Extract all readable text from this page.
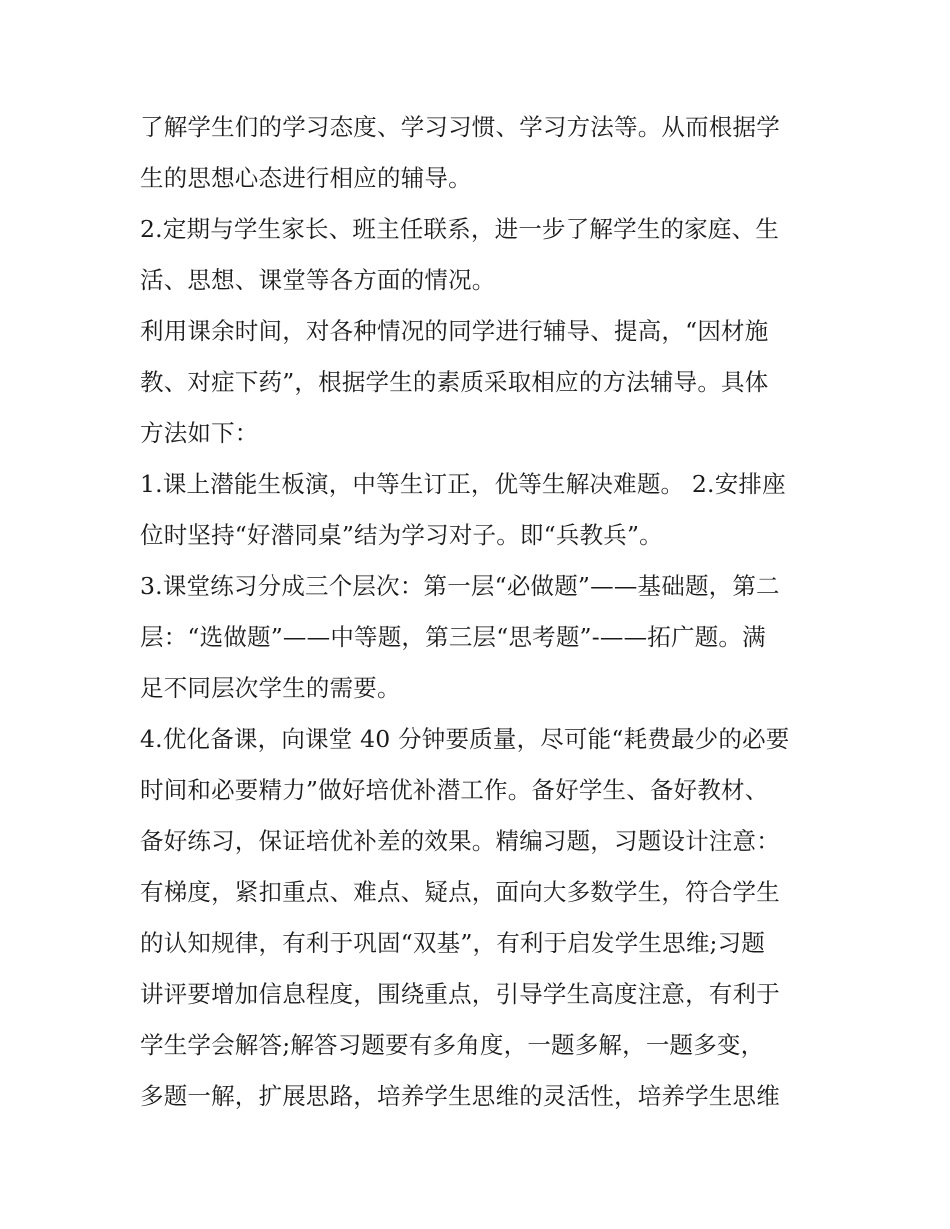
了解学生们的学习态度、学习习惯、学习方法等。从而根据学
生的思想心态进行相应的辅导。
2.定期与学生家长、班主任联系，进一步了解学生的家庭、生
活、思想、课堂等各方面的情况。
利用课余时间，对各种情况的同学进行辅导、提高，“因材施
教、对症下药”，根据学生的素质采取相应的方法辅导。具体
方法如下：
1.课上潜能生板演，中等生订正，优等生解决难题。 2.安排座
位时坚持“好潜同桌”结为学习对子。即“兵教兵”。
3.课堂练习分成三个层次：第一层“必做题”——基础题，第二
层：“选做题”——中等题，第三层“思考题”-——拓广题。满
足不同层次学生的需要。
4.优化备课，向课堂 40 分钟要质量，尽可能“耗费最少的必要
时间和必要精力”做好培优补潜工作。备好学生、备好教材、
备好练习，保证培优补差的效果。精编习题，习题设计注意：
有梯度，紧扣重点、难点、疑点，面向大多数学生，符合学生
的认知规律，有利于巩固“双基”，有利于启发学生思维;习题
讲评要增加信息程度，围绕重点，引导学生高度注意，有利于
学生学会解答;解答习题要有多角度，一题多解，一题多变，
多题一解，扩展思路，培养学生思维的灵活性，培养学生思维
